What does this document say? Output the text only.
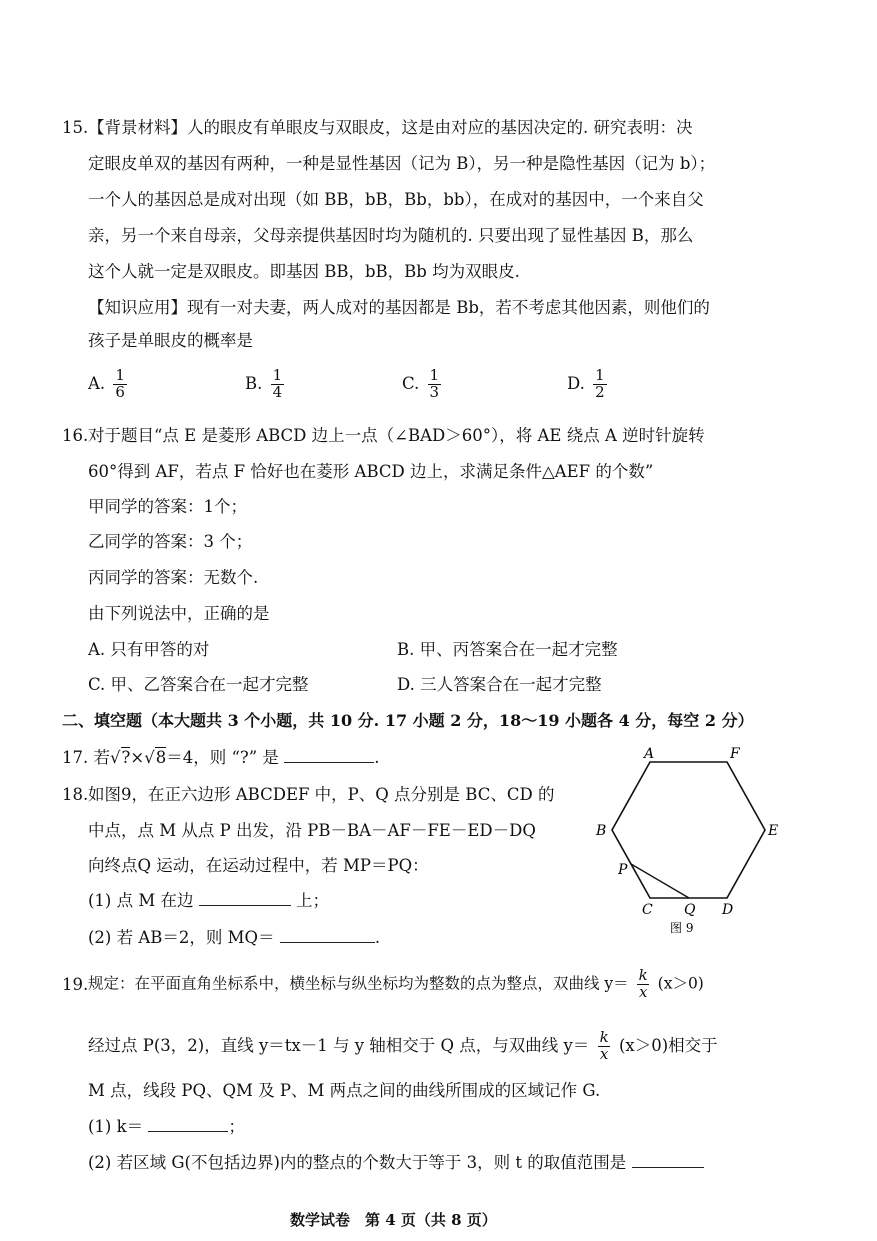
15. 【背景材料】人的眼皮有单眼皮与双眼皮，这是由对应的基因决定的. 研究表明：决
定眼皮单双的基因有两种，一种是显性基因（记为 B），另一种是隐性基因（记为 b）；
一个人的基因总是成对出现（如 BB，bB，Bb，bb），在成对的基因中，一个来自父
亲，另一个来自母亲，父母亲提供基因时均为随机的. 只要出现了显性基因 B，那么
这个人就一定是双眼皮。即基因 BB，bB，Bb 均为双眼皮.
【知识应用】现有一对夫妻，两人成对的基因都是 Bb，若不考虑其他因素，则他们的
孩子是单眼皮的概率是
A. $\frac{1}{6}$	B. $\frac{1}{4}$	C. $\frac{1}{3}$	D. $\frac{1}{2}$
16. 对于题目“点 E 是菱形 ABCD 边上一点（∠BAD＞60°），将 AE 绕点 A 逆时针旋转
60°得到 AF，若点 F 恰好也在菱形 ABCD 边上，求满足条件△AEF 的个数”
甲同学的答案：1个；
乙同学的答案：3 个；
丙同学的答案：无数个.
由下列说法中，正确的是
A. 只有甲答的对	B. 甲、丙答案合在一起才完整
C. 甲、乙答案合在一起才完整	D. 三人答案合在一起才完整
二、填空题（本大题共 3 个小题，共 10 分. 17 小题 2 分，18～19 小题各 4 分，每空 2 分）
17. 若√?×√8＝4，则 “?” 是	.
18. 如图9，在正六边形 ABCDEF 中，P、Q 点分别是 BC、CD 的
中点，点 M 从点 P 出发，沿 PB－BA－AF－FE－ED－DQ
向终点Q 运动，在运动过程中，若 MP＝PQ：
(1) 点 M 在边	上；
(2) 若 AB＝2，则 MQ＝	.
A	F
B	E
P
C Q D
图 9
19. 规定：在平面直角坐标系中，横坐标与纵坐标均为整数的点为整点，双曲线 $y= \frac{k}{x} (x>0)$
经过点 P(3，2)，直线 y＝tx－1 与 y 轴相交于 Q 点，与双曲线 $y= \frac{k}{x} (x>0)$相交于
M 点，线段 PQ、QM 及 P、M 两点之间的曲线所围成的区域记作 G.
(1) k＝	；
(2) 若区域 G(不包括边界)内的整点的个数大于等于 3，则 t 的取值范围是
数学试卷　第 4 页（共 8 页）
